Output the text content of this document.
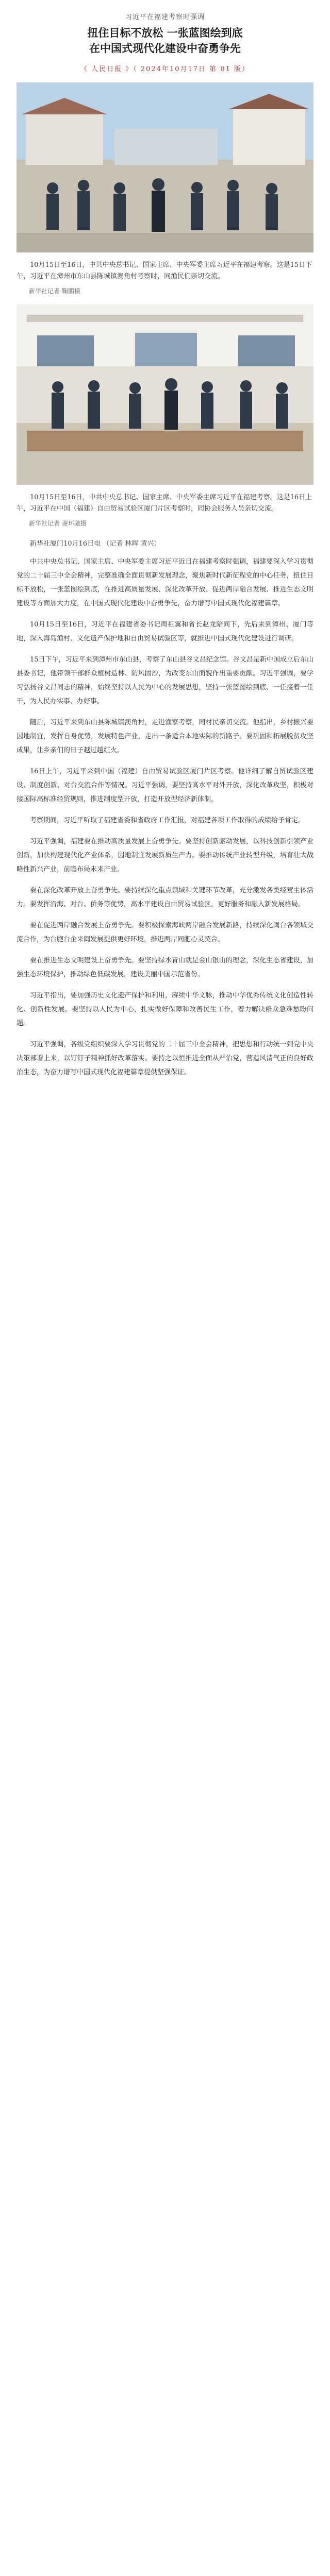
习近平在福建考察时强调

扭住目标不放松 一张蓝图绘到底
在中国式现代化建设中奋勇争先

《 人民日报 》（ 2024年10月17日 第 01 版）

10月15日至16日，中共中央总书记、国家主席、中央军委主席习近平在福建考察。这是15日下午，习近平在漳州市东山县陈城镇澳角村考察时，同渔民们亲切交流。

新华社记者 鞠鹏摄

10月15日至16日，中共中央总书记、国家主席、中央军委主席习近平在福建考察。这是16日上午，习近平在中国（福建）自由贸易试验区厦门片区考察时，同协会服务人员亲切交流。

新华社记者 谢环驰摄

新华社厦门10月16日电 （记者 林晖 黄兴）

中共中央总书记、国家主席、中央军委主席习近平近日在福建考察时强调，福建要深入学习贯彻党的二十届三中全会精神，完整准确全面贯彻新发展理念，聚焦新时代新征程党的中心任务，扭住目标不放松，一张蓝图绘到底，在推进高质量发展、深化改革开放、促进两岸融合发展、推进生态文明建设等方面加大力度，在中国式现代化建设中奋勇争先，奋力谱写中国式现代化福建篇章。

10月15日至16日，习近平在福建省委书记周祖翼和省长赵龙陪同下，先后来到漳州、厦门等地，深入海岛渔村、文化遗产保护地和自由贸易试验区等，就推进中国式现代化建设进行调研。

15日下午，习近平来到漳州市东山县，考察了东山县谷文昌纪念馆。谷文昌是新中国成立后东山县委书记，他带领干部群众植树造林、防风固沙，为改变东山面貌作出重要贡献。习近平强调，要学习弘扬谷文昌同志的精神，始终坚持以人民为中心的发展思想，坚持一张蓝图绘到底、一任接着一任干，为人民办实事、办好事。

随后，习近平来到东山县陈城镇澳角村，走进渔家考察，同村民亲切交流。他指出，乡村振兴要因地制宜，发挥自身优势，发展特色产业，走出一条适合本地实际的新路子。要巩固和拓展脱贫攻坚成果，让乡亲们的日子越过越红火。

16日上午，习近平来到中国（福建）自由贸易试验区厦门片区考察。他详细了解自贸试验区建设、制度创新、对台交流合作等情况。习近平强调，要坚持高水平对外开放，深化改革攻坚，积极对接国际高标准经贸规则，推进制度型开放，打造开放型经济新体制。

考察期间，习近平听取了福建省委和省政府工作汇报，对福建各项工作取得的成绩给予肯定。

习近平强调，福建要在推动高质量发展上奋勇争先。要坚持创新驱动发展，以科技创新引领产业创新，加快构建现代化产业体系，因地制宜发展新质生产力。要推动传统产业转型升级，培育壮大战略性新兴产业，前瞻布局未来产业。

要在深化改革开放上奋勇争先。要持续深化重点领域和关键环节改革，充分激发各类经营主体活力。要发挥沿海、对台、侨务等优势，高水平建设自由贸易试验区，更好服务和融入新发展格局。

要在促进两岸融合发展上奋勇争先。要积极探索海峡两岸融合发展新路，持续深化闽台各领域交流合作，为台胞台企来闽发展提供更好环境，推进两岸同胞心灵契合。

要在推进生态文明建设上奋勇争先。要坚持绿水青山就是金山银山的理念，深化生态省建设，加强生态环境保护，推动绿色低碳发展，建设美丽中国示范省份。

习近平指出，要加强历史文化遗产保护和利用，赓续中华文脉，推动中华优秀传统文化创造性转化、创新性发展。要坚持以人民为中心，扎实做好保障和改善民生工作，着力解决群众急难愁盼问题。

习近平强调，各级党组织要深入学习贯彻党的二十届三中全会精神，把思想和行动统一到党中央决策部署上来，以钉钉子精神抓好改革落实。要持之以恒推进全面从严治党，营造风清气正的良好政治生态，为奋力谱写中国式现代化福建篇章提供坚强保证。
